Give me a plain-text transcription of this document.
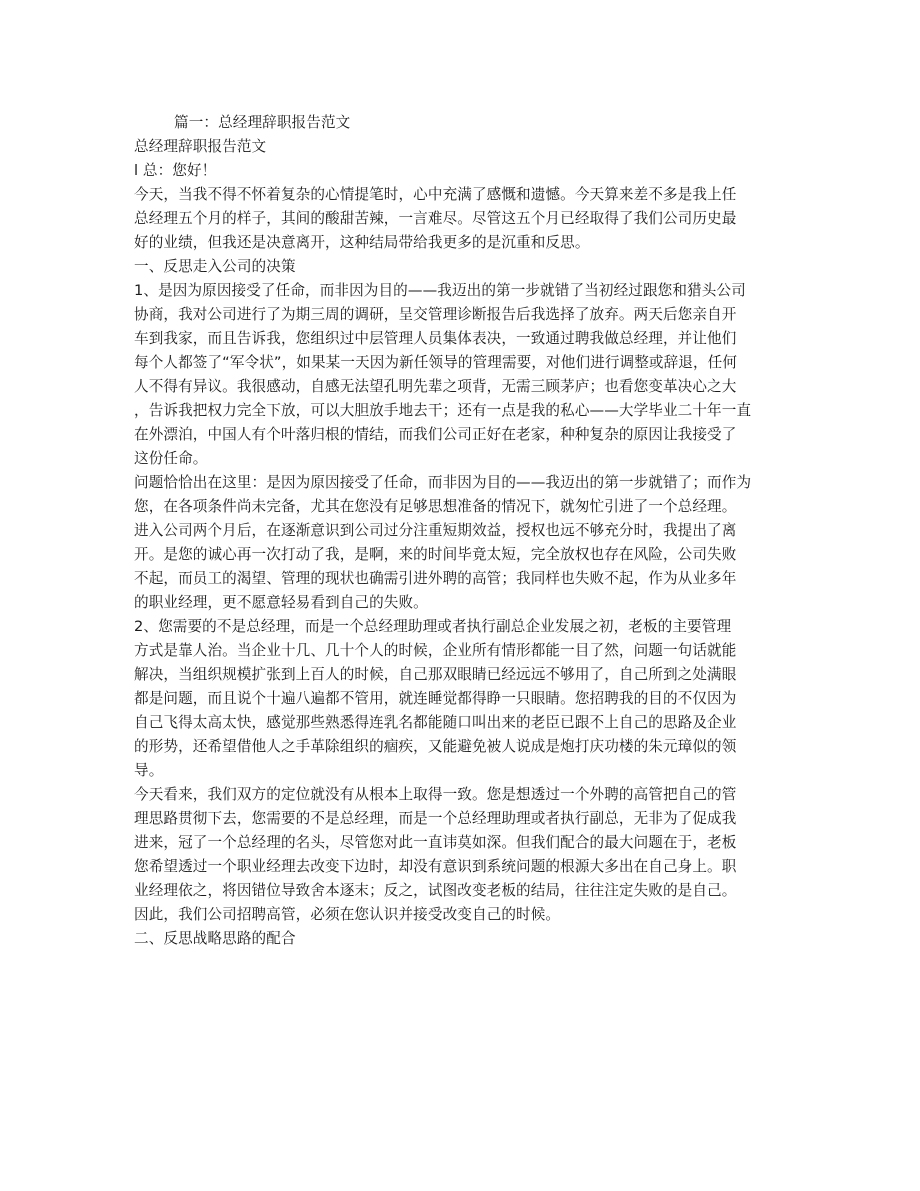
篇一：总经理辞职报告范文
总经理辞职报告范文
l 总：您好！
今天，当我不得不怀着复杂的心情提笔时，心中充满了感慨和遗憾。今天算来差不多是我上任
总经理五个月的样子，其间的酸甜苦辣，一言难尽。尽管这五个月已经取得了我们公司历史最
好的业绩，但我还是决意离开，这种结局带给我更多的是沉重和反思。
一、反思走入公司的决策
1、是因为原因接受了任命，而非因为目的——我迈出的第一步就错了当初经过跟您和猎头公司
协商，我对公司进行了为期三周的调研，呈交管理诊断报告后我选择了放弃。两天后您亲自开
车到我家，而且告诉我，您组织过中层管理人员集体表决，一致通过聘我做总经理，并让他们
每个人都签了“军令状”，如果某一天因为新任领导的管理需要，对他们进行调整或辞退，任何
人不得有异议。我很感动，自感无法望孔明先辈之项背，无需三顾茅庐；也看您变革决心之大
，告诉我把权力完全下放，可以大胆放手地去干；还有一点是我的私心——大学毕业二十年一直
在外漂泊，中国人有个叶落归根的情结，而我们公司正好在老家，种种复杂的原因让我接受了
这份任命。
问题恰恰出在这里：是因为原因接受了任命，而非因为目的——我迈出的第一步就错了；而作为
您，在各项条件尚未完备，尤其在您没有足够思想准备的情况下，就匆忙引进了一个总经理。
进入公司两个月后，在逐渐意识到公司过分注重短期效益，授权也远不够充分时，我提出了离
开。是您的诚心再一次打动了我，是啊，来的时间毕竟太短，完全放权也存在风险，公司失败
不起，而员工的渴望、管理的现状也确需引进外聘的高管；我同样也失败不起，作为从业多年
的职业经理，更不愿意轻易看到自己的失败。
2、您需要的不是总经理，而是一个总经理助理或者执行副总企业发展之初，老板的主要管理
方式是靠人治。当企业十几、几十个人的时候，企业所有情形都能一目了然，问题一句话就能
解决，当组织规模扩张到上百人的时候，自己那双眼睛已经远远不够用了，自己所到之处满眼
都是问题，而且说个十遍八遍都不管用，就连睡觉都得睁一只眼睛。您招聘我的目的不仅因为
自己飞得太高太快，感觉那些熟悉得连乳名都能随口叫出来的老臣已跟不上自己的思路及企业
的形势，还希望借他人之手革除组织的痼疾，又能避免被人说成是炮打庆功楼的朱元璋似的领
导。
今天看来，我们双方的定位就没有从根本上取得一致。您是想透过一个外聘的高管把自己的管
理思路贯彻下去，您需要的不是总经理，而是一个总经理助理或者执行副总，无非为了促成我
进来，冠了一个总经理的名头，尽管您对此一直讳莫如深。但我们配合的最大问题在于，老板
您希望透过一个职业经理去改变下边时，却没有意识到系统问题的根源大多出在自己身上。职
业经理依之，将因错位导致舍本逐末；反之，试图改变老板的结局，往往注定失败的是自己。
因此，我们公司招聘高管，必须在您认识并接受改变自己的时候。
二、反思战略思路的配合
